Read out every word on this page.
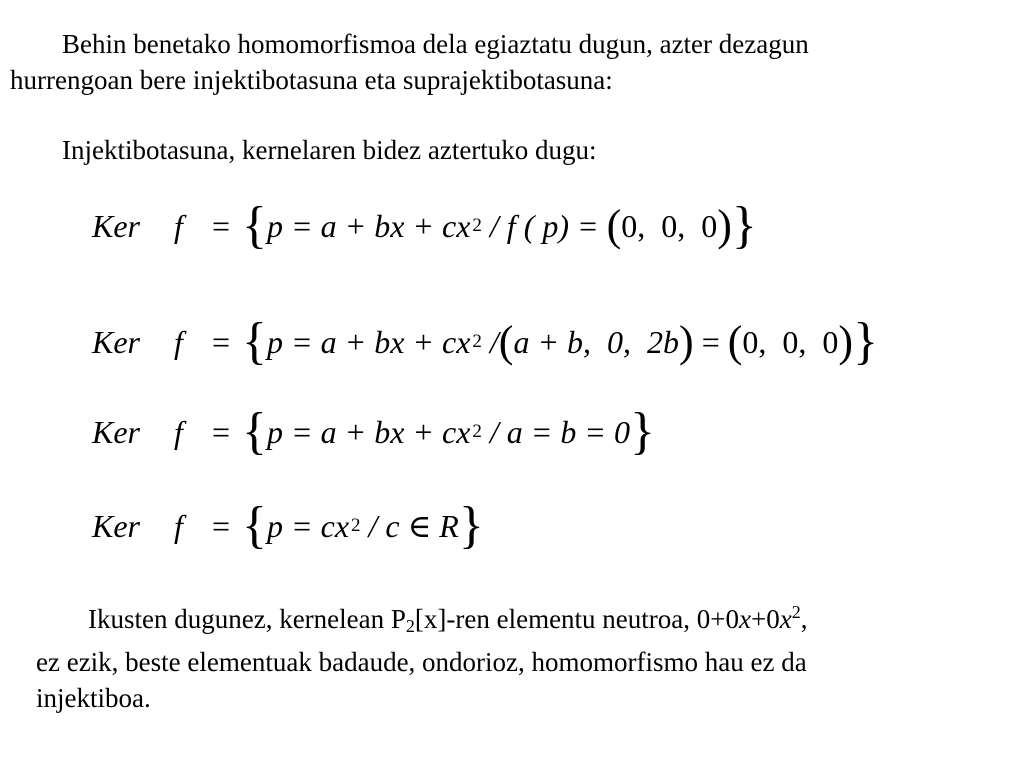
Behin benetako homomorfismoa dela egiaztatu dugun, azter dezagun
hurrengoan bere injektibotasuna eta suprajektibotasuna:
Injektibotasuna, kernelaren bidez aztertuko dugu:
Ker	f = { p = a + bx + cx 2 / f ( p) = ( 0,  0,  0 ) }
Ker	f = { p = a + bx + cx 2 / ( a + b,  0,  2b ) = ( 0,  0,  0 ) }
Ker	f = { p = a + bx + cx 2 / a = b = 0 }
Ker	f = { p = cx 2 / c ∈ R }
Ikusten dugunez, kernelean $P_2[x]$-ren elementu neutroa, $0+0x+0x^2$,
ez ezik, beste elementuak badaude, ondorioz, homomorfismo hau ez da
injektiboa.
